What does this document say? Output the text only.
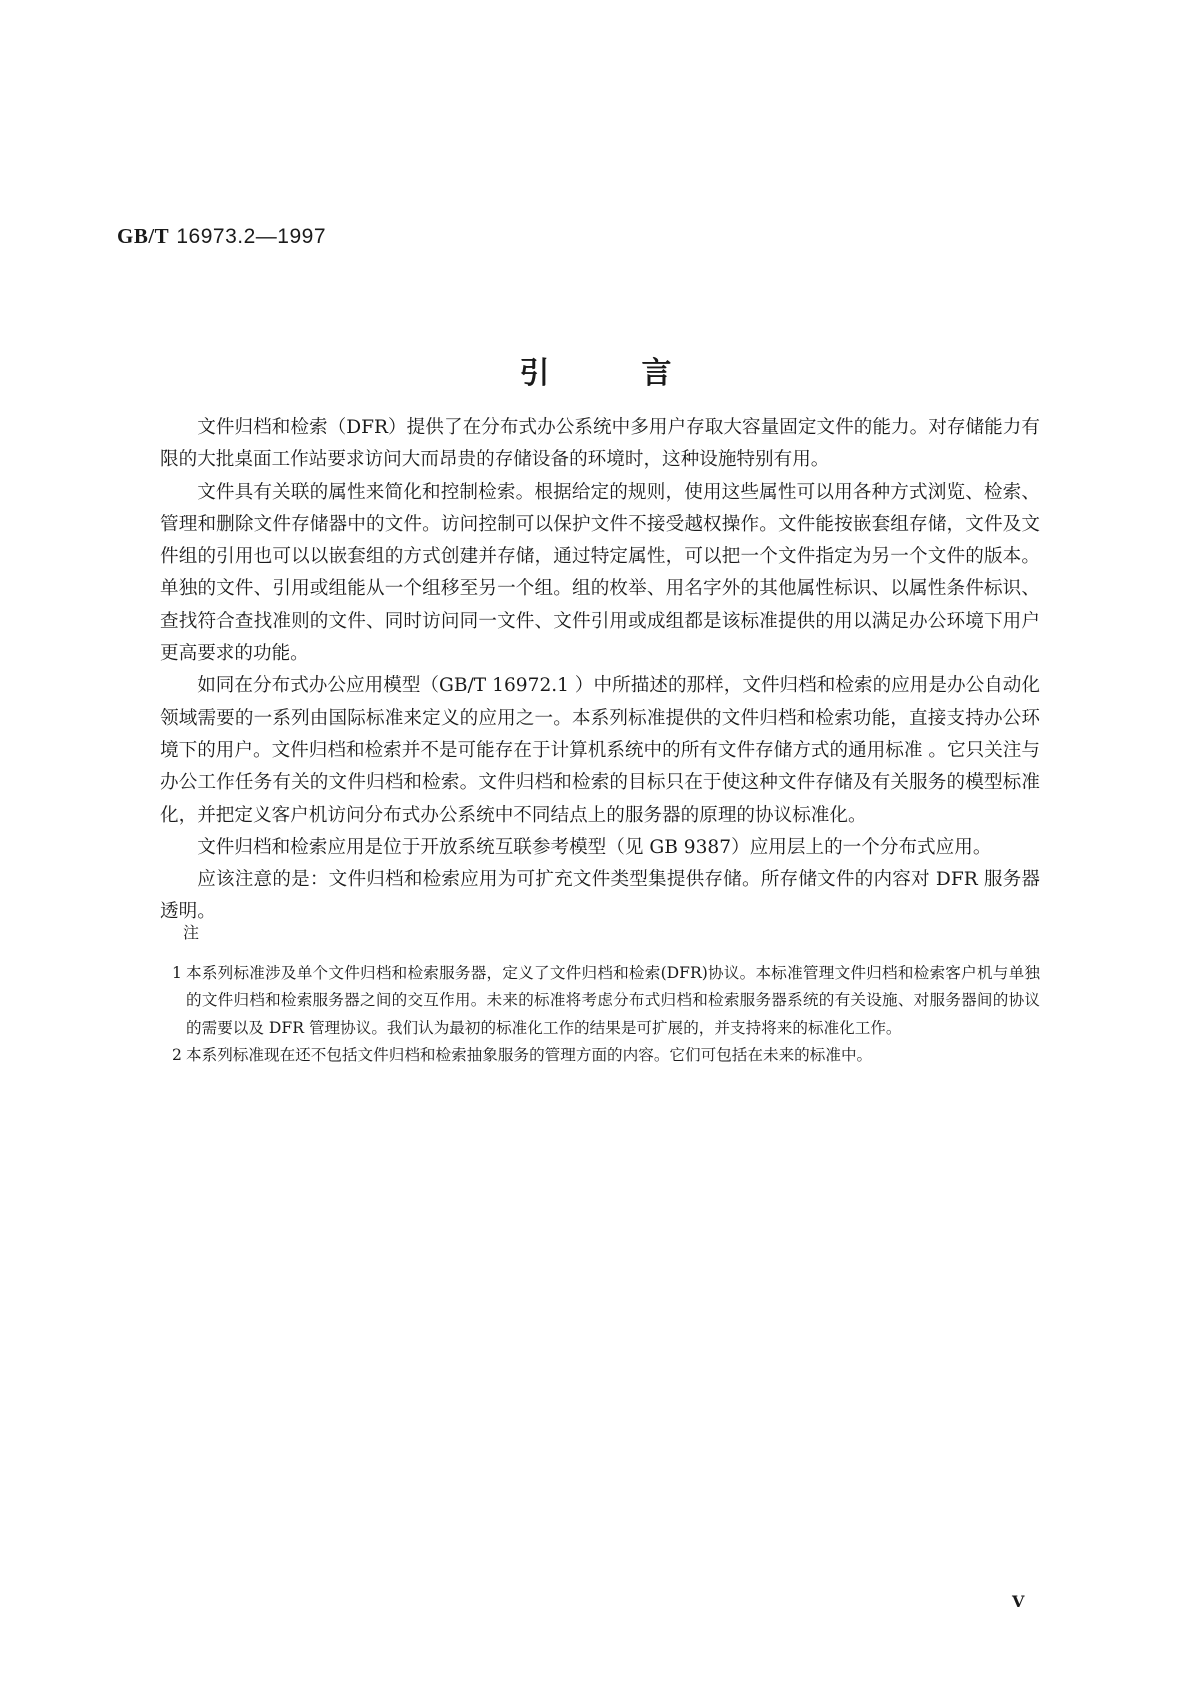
GB/T 16973.2—1997
引	言

文件归档和检索（DFR）提供了在分布式办公系统中多用户存取大容量固定文件的能力。对存储能力有限的大批桌面工作站要求访问大而昂贵的存储设备的环境时，这种设施特别有用。

文件具有关联的属性来简化和控制检索。根据给定的规则，使用这些属性可以用各种方式浏览、检索、管理和删除文件存储器中的文件。访问控制可以保护文件不接受越权操作。文件能按嵌套组存储，文件及文件组的引用也可以以嵌套组的方式创建并存储，通过特定属性，可以把一个文件指定为另一个文件的版本。单独的文件、引用或组能从一个组移至另一个组。组的枚举、用名字外的其他属性标识、以属性条件标识、查找符合查找准则的文件、同时访问同一文件、文件引用或成组都是该标准提供的用以满足办公环境下用户更高要求的功能。

如同在分布式办公应用模型（GB/T 16972.1 ）中所描述的那样，文件归档和检索的应用是办公自动化领域需要的一系列由国际标准来定义的应用之一。本系列标准提供的文件归档和检索功能，直接支持办公环境下的用户。文件归档和检索并不是可能存在于计算机系统中的所有文件存储方式的通用标准 。它只关注与办公工作任务有关的文件归档和检索。文件归档和检索的目标只在于使这种文件存储及有关服务的模型标准化，并把定义客户机访问分布式办公系统中不同结点上的服务器的原理的协议标准化。

文件归档和检索应用是位于开放系统互联参考模型（见 GB 9387）应用层上的一个分布式应用。

应该注意的是：文件归档和检索应用为可扩充文件类型集提供存储。所存储文件的内容对 DFR 服务器透明。

注
1 本系列标准涉及单个文件归档和检索服务器，定义了文件归档和检索(DFR)协议。本标准管理文件归档和检索客户机与单独的文件归档和检索服务器之间的交互作用。未来的标准将考虑分布式归档和检索服务器系统的有关设施、对服务器间的协议的需要以及 DFR 管理协议。我们认为最初的标准化工作的结果是可扩展的，并支持将来的标准化工作。
2 本系列标准现在还不包括文件归档和检索抽象服务的管理方面的内容。它们可包括在未来的标准中。
V
